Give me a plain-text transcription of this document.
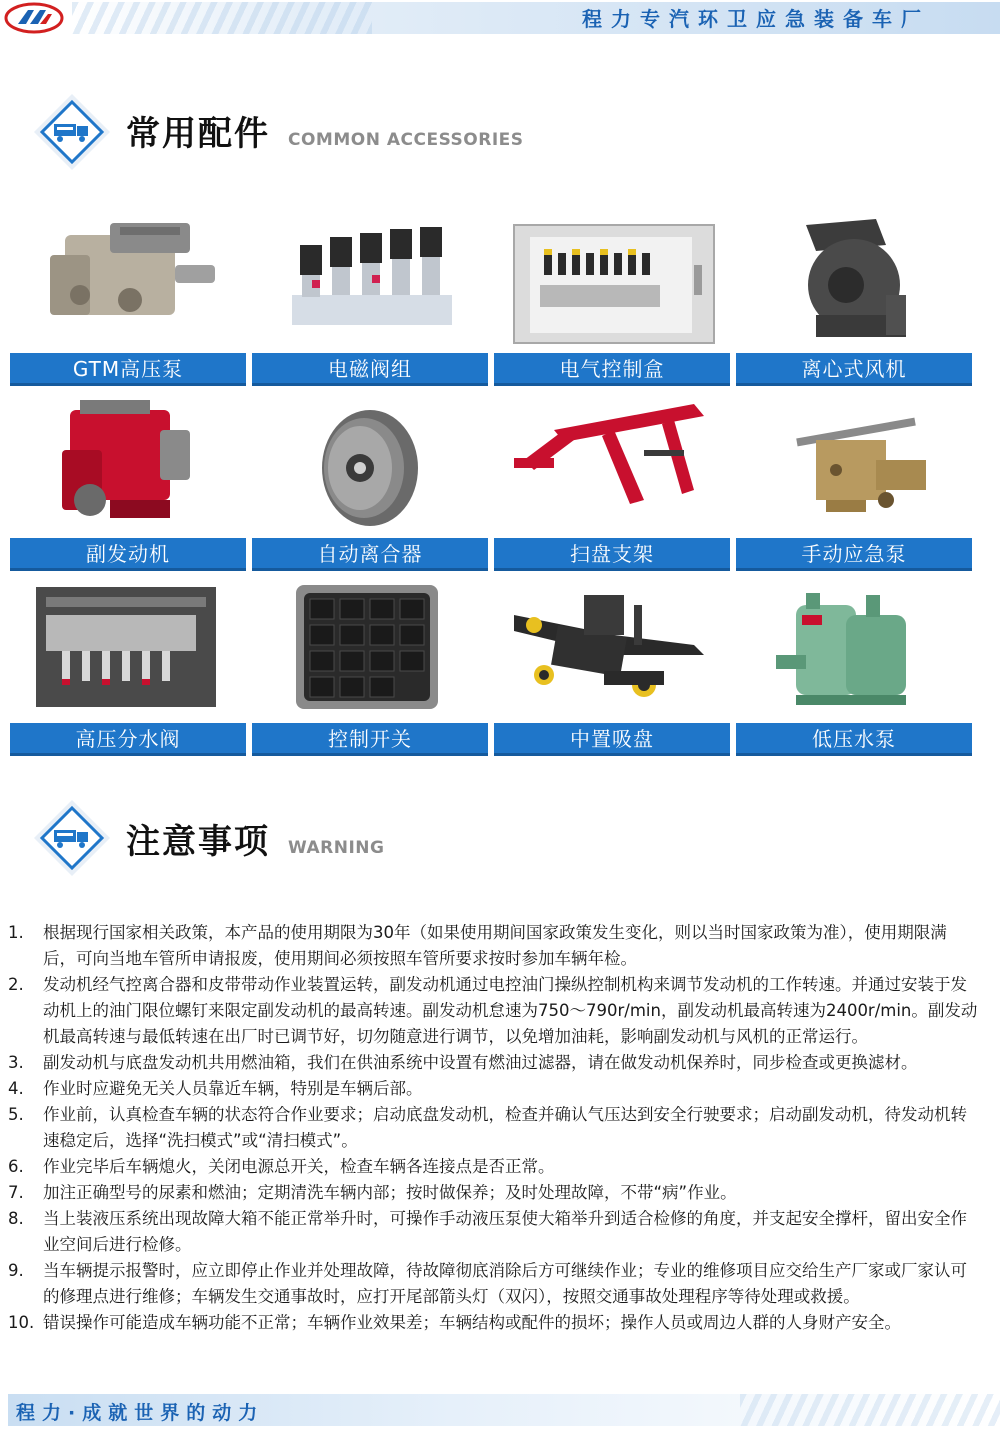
程力专汽环卫应急装备车厂
常用配件 COMMON ACCESSORIES
GTM高压泵	电磁阀组	电气控制盒	离心式风机
副发动机	自动离合器	扫盘支架	手动应急泵
高压分水阀	控制开关	中置吸盘	低压水泵
注意事项 WARNING
1. 根据现行国家相关政策，本产品的使用期限为30年（如果使用期间国家政策发生变化，则以当时国家政策为准），使用期限满后，可向当地车管所申请报废，使用期间必须按照车管所要求按时参加车辆年检。
2. 发动机经气控离合器和皮带带动作业装置运转，副发动机通过电控油门操纵控制机构来调节发动机的工作转速。并通过安装于发动机上的油门限位螺钉来限定副发动机的最高转速。副发动机怠速为750～790r/min，副发动机最高转速为2400r/min。副发动机最高转速与最低转速在出厂时已调节好，切勿随意进行调节，以免增加油耗，影响副发动机与风机的正常运行。
3. 副发动机与底盘发动机共用燃油箱，我们在供油系统中设置有燃油过滤器，请在做发动机保养时，同步检查或更换滤材。
4. 作业时应避免无关人员靠近车辆，特别是车辆后部。
5. 作业前，认真检查车辆的状态符合作业要求；启动底盘发动机，检查并确认气压达到安全行驶要求；启动副发动机，待发动机转速稳定后，选择“洗扫模式”或“清扫模式”。
6. 作业完毕后车辆熄火，关闭电源总开关，检查车辆各连接点是否正常。
7. 加注正确型号的尿素和燃油；定期清洗车辆内部；按时做保养；及时处理故障，不带“病”作业。
8. 当上装液压系统出现故障大箱不能正常举升时，可操作手动液压泵使大箱举升到适合检修的角度，并支起安全撑杆，留出安全作业空间后进行检修。
9. 当车辆提示报警时，应立即停止作业并处理故障，待故障彻底消除后方可继续作业；专业的维修项目应交给生产厂家或厂家认可的修理点进行维修；车辆发生交通事故时，应打开尾部箭头灯（双闪），按照交通事故处理程序等待处理或救援。
10. 错误操作可能造成车辆功能不正常；车辆作业效果差；车辆结构或配件的损坏；操作人员或周边人群的人身财产安全。
程力·成就世界的动力
